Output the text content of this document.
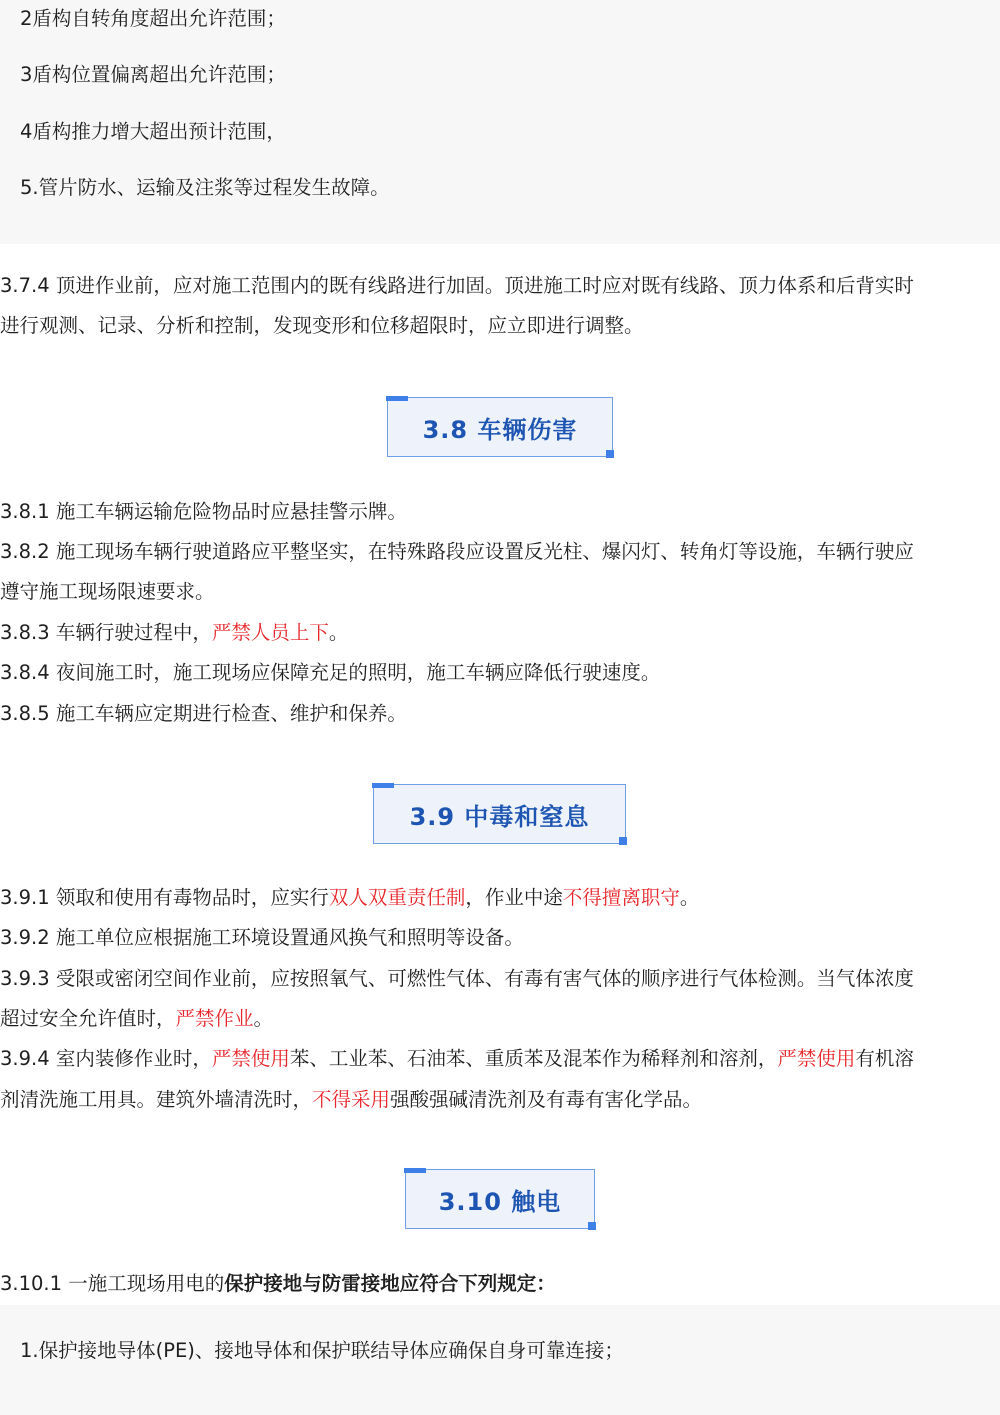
2盾构自转角度超出允许范围；
3盾构位置偏离超出允许范围；
4盾构推力增大超出预计范围，
5.管片防水、运输及注浆等过程发生故障。
3.7.4 顶进作业前，应对施工范围内的既有线路进行加固。顶进施工时应对既有线路、顶力体系和后背实时
进行观测、记录、分析和控制，发现变形和位移超限时，应立即进行调整。
3.8 车辆伤害
3.8.1 施工车辆运输危险物品时应悬挂警示牌。
3.8.2 施工现场车辆行驶道路应平整坚实，在特殊路段应设置反光柱、爆闪灯、转角灯等设施，车辆行驶应
遵守施工现场限速要求。
3.8.3 车辆行驶过程中，严禁人员上下。
3.8.4 夜间施工时，施工现场应保障充足的照明，施工车辆应降低行驶速度。
3.8.5 施工车辆应定期进行检查、维护和保养。
3.9 中毒和窒息
3.9.1 领取和使用有毒物品时，应实行双人双重责任制，作业中途不得擅离职守。
3.9.2 施工单位应根据施工环境设置通风换气和照明等设备。
3.9.3 受限或密闭空间作业前，应按照氧气、可燃性气体、有毒有害气体的顺序进行气体检测。当气体浓度
超过安全允许值时，严禁作业。
3.9.4 室内装修作业时，严禁使用苯、工业苯、石油苯、重质苯及混苯作为稀释剂和溶剂，严禁使用有机溶
剂清洗施工用具。建筑外墙清洗时，不得采用强酸强碱清洗剂及有毒有害化学品。
3.10 触电
3.10.1 一施工现场用电的保护接地与防雷接地应符合下列规定：
1.保护接地导体(PE)、接地导体和保护联结导体应确保自身可靠连接；
